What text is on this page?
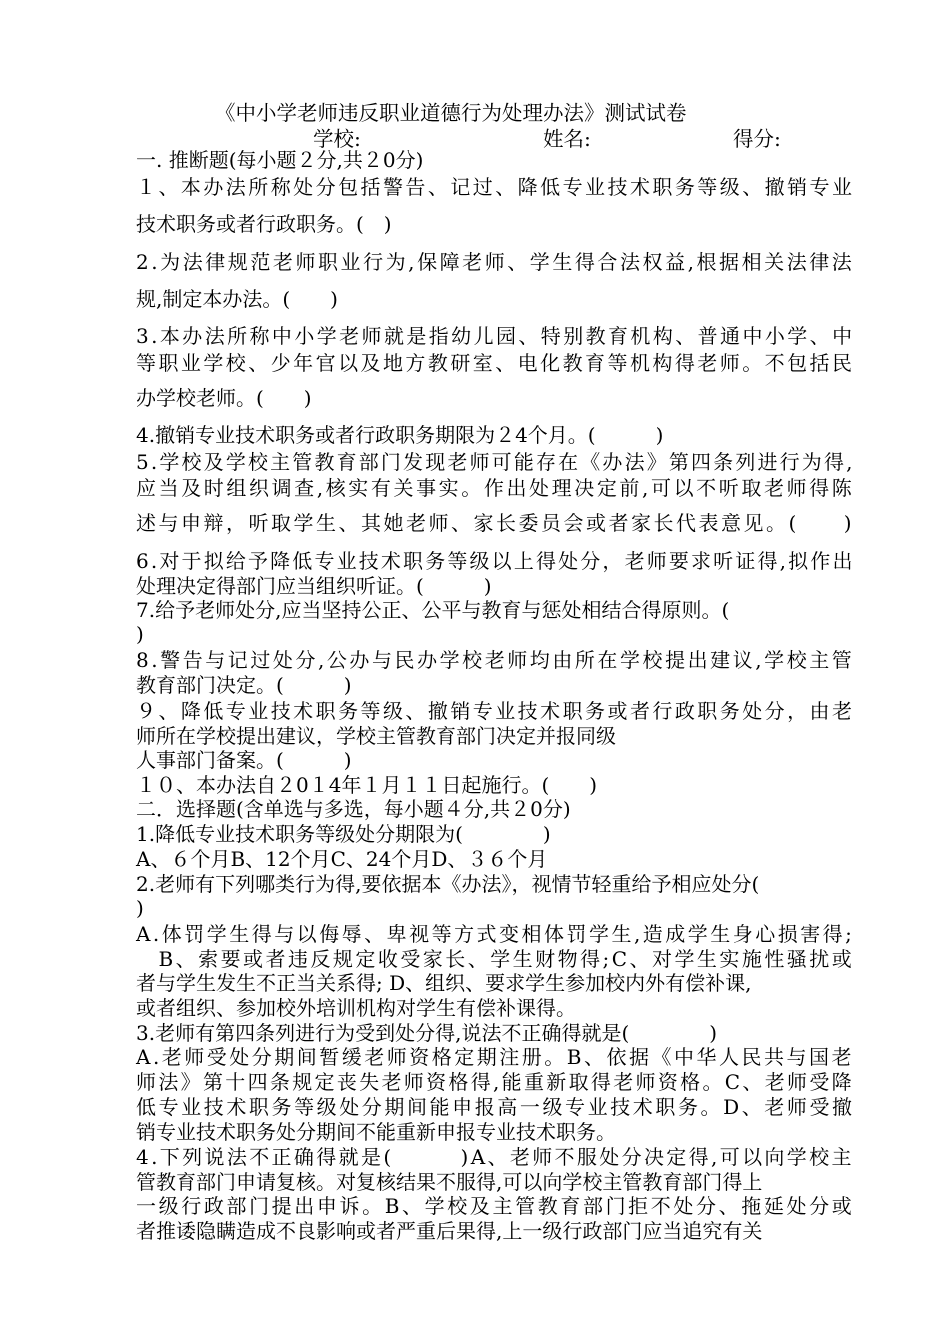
《中小学老师违反职业道德行为处理办法》测试试卷
学校:	姓名:	得分:
一. 推断题(每小题２分,共２0分)
１、本办法所称处分包括警告、记过、降低专业技术职务等级、撤销专业
技术职务或者行政职务。(　)
2.为法律规范老师职业行为,保障老师、学生得合法权益,根据相关法律法
规,制定本办法。(　　)
3.本办法所称中小学老师就是指幼儿园、特别教育机构、普通中小学、中
等职业学校、少年官以及地方教研室、电化教育等机构得老师。不包括民
办学校老师。(　　)
4.撤销专业技术职务或者行政职务期限为２4个月。(　　　)
5.学校及学校主管教育部门发现老师可能存在《办法》第四条列进行为得,
应当及时组织调查,核实有关事实。作出处理决定前,可以不听取老师得陈
述与申辩，听取学生、其她老师、家长委员会或者家长代表意见。(　　)
6.对于拟给予降低专业技术职务等级以上得处分，老师要求听证得,拟作出
处理决定得部门应当组织听证。(　　　)
7.给予老师处分,应当坚持公正、公平与教育与惩处相结合得原则。(
)
8.警告与记过处分,公办与民办学校老师均由所在学校提出建议,学校主管
教育部门决定。(　　　)
９、降低专业技术职务等级、撤销专业技术职务或者行政职务处分，由老
师所在学校提出建议，学校主管教育部门决定并报同级
人事部门备案。(　　　)
１０、本办法自２0１4年１月１１日起施行。(　　)
二．选择题(含单选与多选，每小题４分,共２0分)
1.降低专业技术职务等级处分期限为(　　　　)
A、６个月B、12个月C、24个月D、３６个月
2.老师有下列哪类行为得,要依据本《办法》，视情节轻重给予相应处分(
)
A.体罚学生得与以侮辱、卑视等方式变相体罚学生,造成学生身心损害得;
　B、索要或者违反规定收受家长、学生财物得;C、对学生实施性骚扰或
者与学生发生不正当关系得; D、组织、要求学生参加校内外有偿补课,
或者组织、参加校外培训机构对学生有偿补课得。
3.老师有第四条列进行为受到处分得,说法不正确得就是(　　　　)
A.老师受处分期间暂缓老师资格定期注册。B、依据《中华人民共与国老
师法》第十四条规定丧失老师资格得,能重新取得老师资格。C、老师受降
低专业技术职务等级处分期间能申报高一级专业技术职务。D、老师受撤
销专业技术职务处分期间不能重新申报专业技术职务。
4.下列说法不正确得就是(　　　)A、老师不服处分决定得,可以向学校主
管教育部门申请复核。对复核结果不服得,可以向学校主管教育部门得上
一级行政部门提出申诉。B、学校及主管教育部门拒不处分、拖延处分或
者推诿隐瞒造成不良影响或者严重后果得,上一级行政部门应当追究有关
